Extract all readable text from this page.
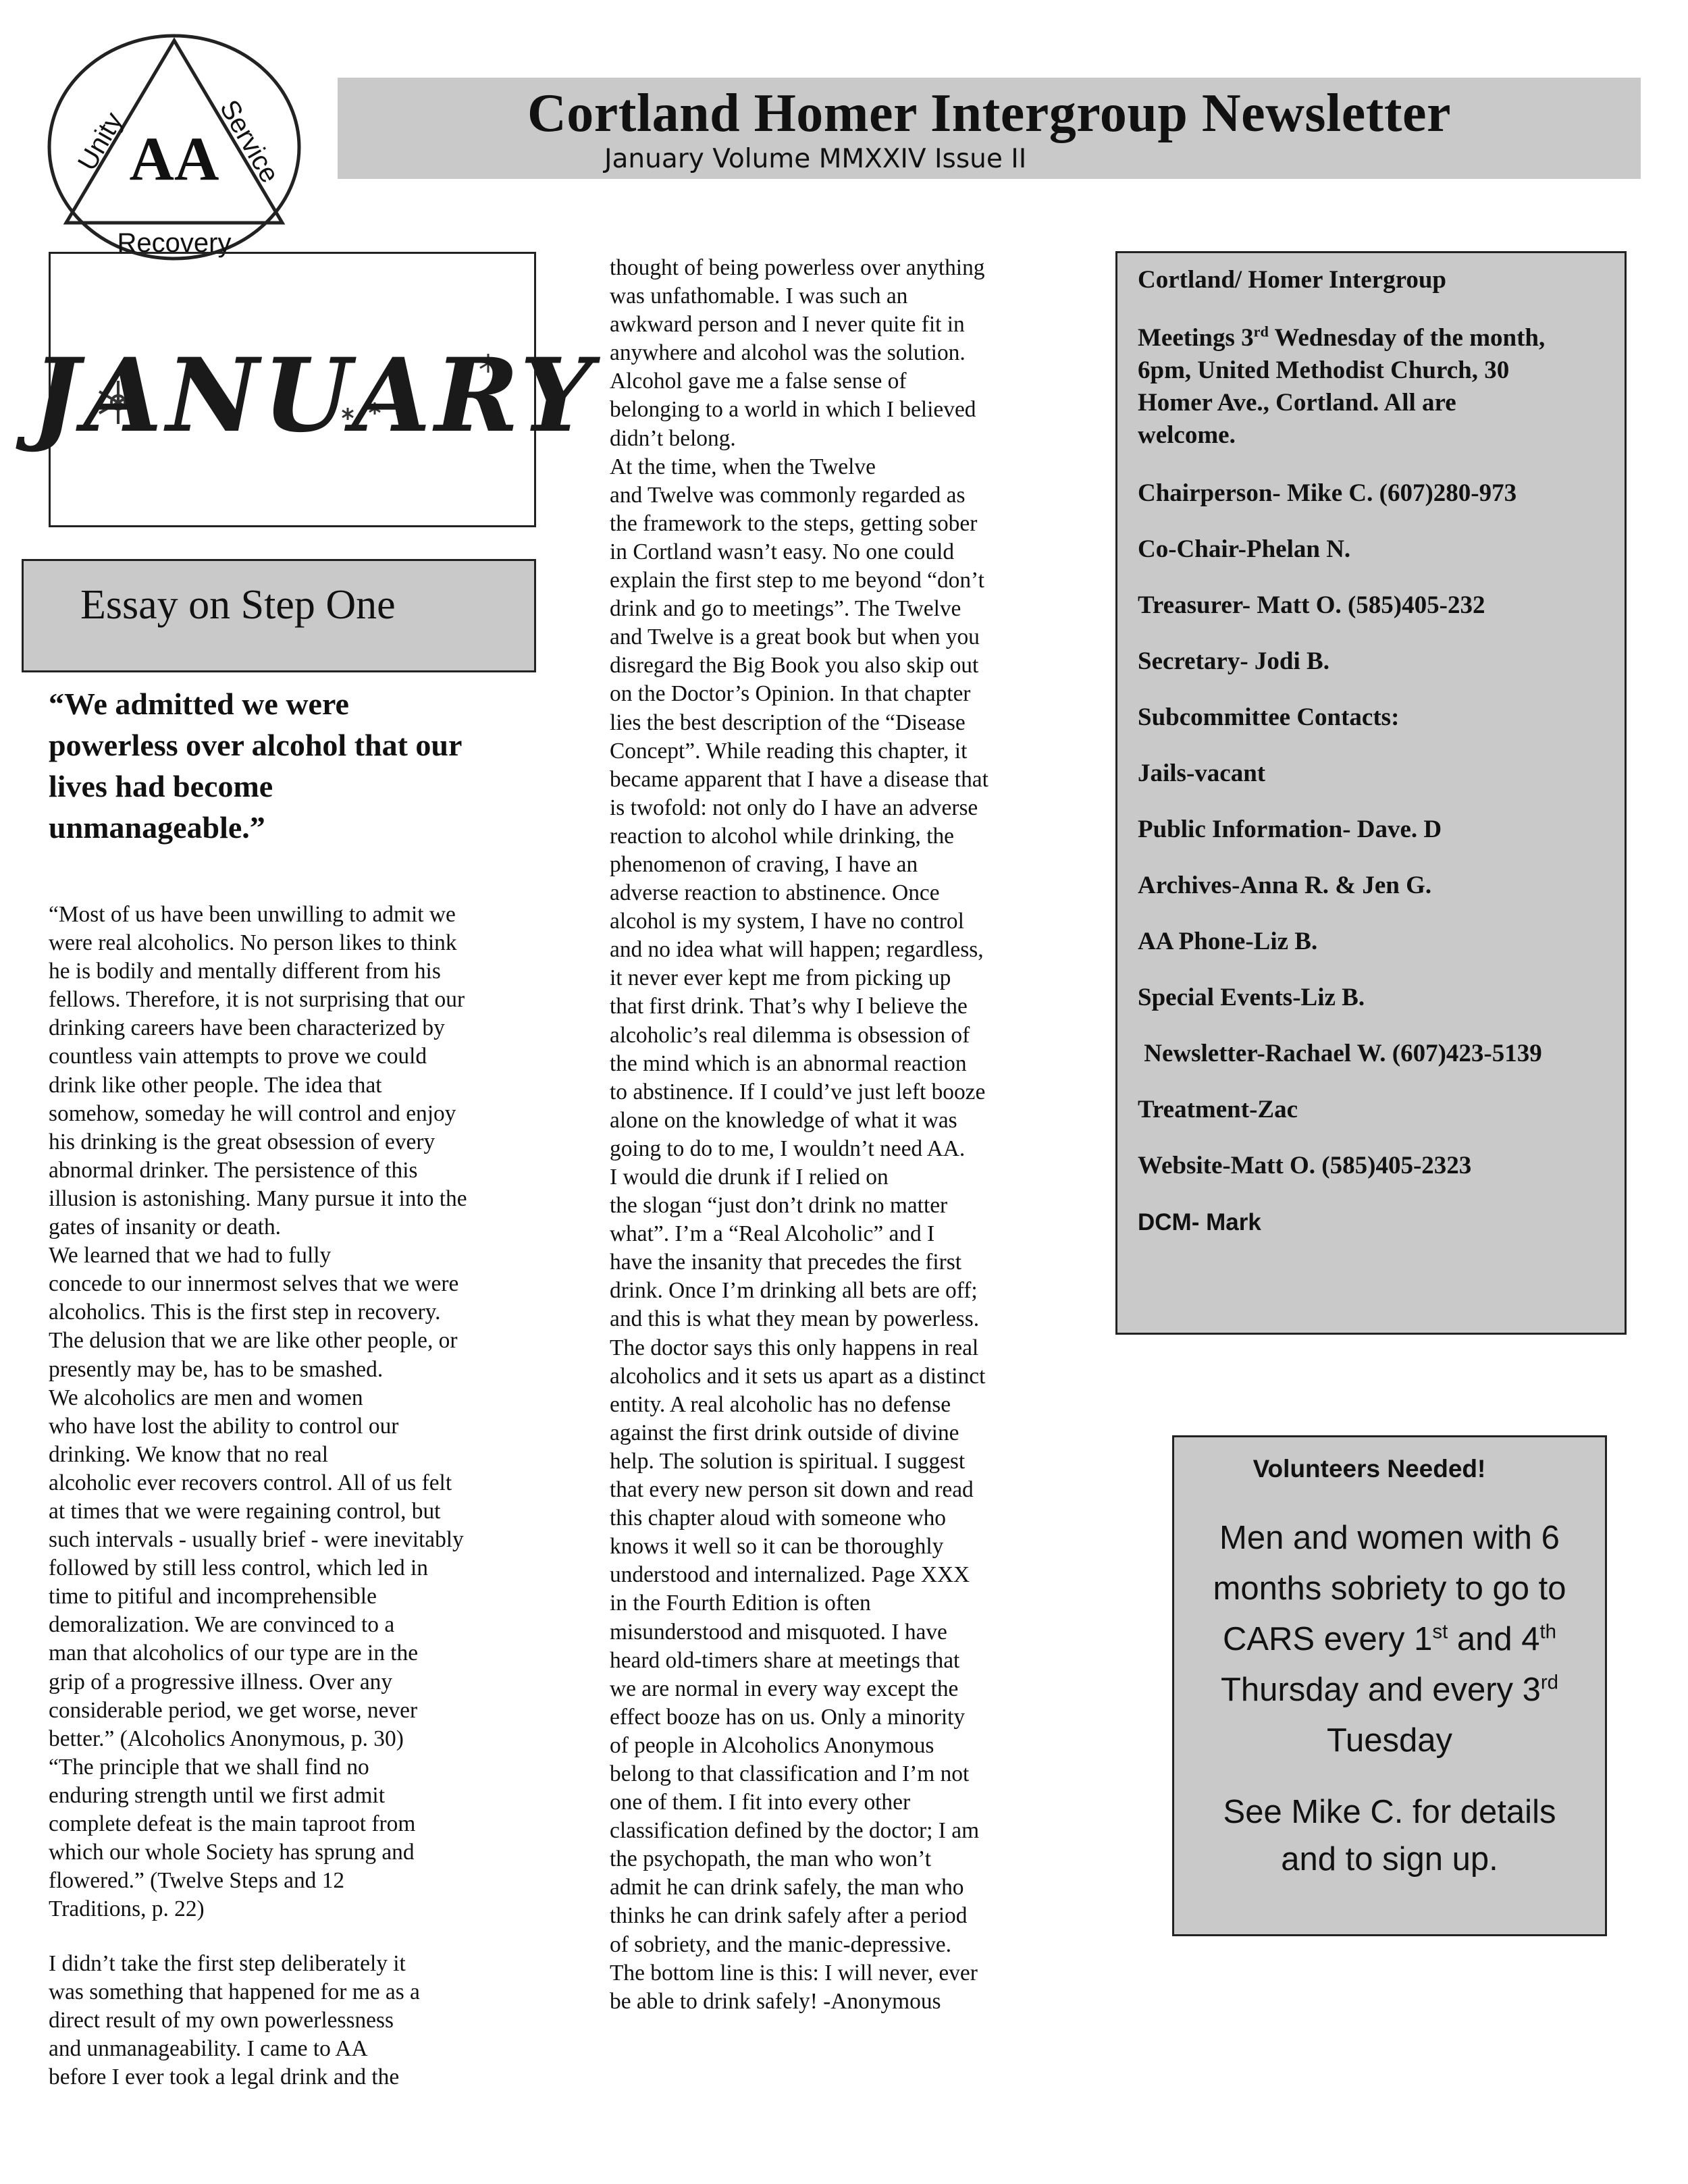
AA
Unity	Service
Recovery
Cortland Homer Intergroup Newsletter
January Volume MMXXIV Issue II
JANUARY
Essay on Step One
“We admitted we were
powerless over alcohol that our
lives had become
unmanageable.”
“Most of us have been unwilling to admit we
were real alcoholics. No person likes to think
he is bodily and mentally different from his
fellows. Therefore, it is not surprising that our
drinking careers have been characterized by
countless vain attempts to prove we could
drink like other people. The idea that
somehow, someday he will control and enjoy
his drinking is the great obsession of every
abnormal drinker. The persistence of this
illusion is astonishing. Many pursue it into the
gates of insanity or death.
We learned that we had to fully
concede to our innermost selves that we were
alcoholics. This is the first step in recovery.
The delusion that we are like other people, or
presently may be, has to be smashed.
We alcoholics are men and women
who have lost the ability to control our
drinking. We know that no real
alcoholic ever recovers control. All of us felt
at times that we were regaining control, but
such intervals - usually brief - were inevitably
followed by still less control, which led in
time to pitiful and incomprehensible
demoralization. We are convinced to a
man that alcoholics of our type are in the
grip of a progressive illness. Over any
considerable period, we get worse, never
better.” (Alcoholics Anonymous, p. 30)
“The principle that we shall find no
enduring strength until we first admit
complete defeat is the main taproot from
which our whole Society has sprung and
flowered.” (Twelve Steps and 12
Traditions, p. 22)
I didn’t take the first step deliberately it
was something that happened for me as a
direct result of my own powerlessness
and unmanageability. I came to AA
before I ever took a legal drink and the
thought of being powerless over anything
was unfathomable. I was such an
awkward person and I never quite fit in
anywhere and alcohol was the solution.
Alcohol gave me a false sense of
belonging to a world in which I believed
didn’t belong.
At the time, when the Twelve
and Twelve was commonly regarded as
the framework to the steps, getting sober
in Cortland wasn’t easy. No one could
explain the first step to me beyond “don’t
drink and go to meetings”. The Twelve
and Twelve is a great book but when you
disregard the Big Book you also skip out
on the Doctor’s Opinion. In that chapter
lies the best description of the “Disease
Concept”. While reading this chapter, it
became apparent that I have a disease that
is twofold: not only do I have an adverse
reaction to alcohol while drinking, the
phenomenon of craving, I have an
adverse reaction to abstinence. Once
alcohol is my system, I have no control
and no idea what will happen; regardless,
it never ever kept me from picking up
that first drink. That’s why I believe the
alcoholic’s real dilemma is obsession of
the mind which is an abnormal reaction
to abstinence. If I could’ve just left booze
alone on the knowledge of what it was
going to do to me, I wouldn’t need AA.
I would die drunk if I relied on
the slogan “just don’t drink no matter
what”. I’m a “Real Alcoholic” and I
have the insanity that precedes the first
drink. Once I’m drinking all bets are off;
and this is what they mean by powerless.
The doctor says this only happens in real
alcoholics and it sets us apart as a distinct
entity. A real alcoholic has no defense
against the first drink outside of divine
help. The solution is spiritual. I suggest
that every new person sit down and read
this chapter aloud with someone who
knows it well so it can be thoroughly
understood and internalized. Page XXX
in the Fourth Edition is often
misunderstood and misquoted. I have
heard old-timers share at meetings that
we are normal in every way except the
effect booze has on us. Only a minority
of people in Alcoholics Anonymous
belong to that classification and I’m not
one of them. I fit into every other
classification defined by the doctor; I am
the psychopath, the man who won’t
admit he can drink safely, the man who
thinks he can drink safely after a period
of sobriety, and the manic-depressive.
The bottom line is this: I will never, ever
be able to drink safely! -Anonymous
Cortland/ Homer Intergroup
Meetings 3rd Wednesday of the month,
6pm, United Methodist Church, 30
Homer Ave., Cortland. All are
welcome.
Chairperson- Mike C. (607)280-973
Co-Chair-Phelan N.
Treasurer- Matt O. (585)405-232
Secretary- Jodi B.
Subcommittee Contacts:
Jails-vacant
Public Information- Dave. D
Archives-Anna R. & Jen G.
AA Phone-Liz B.
Special Events-Liz B.
Newsletter-Rachael W. (607)423-5139
Treatment-Zac
Website-Matt O. (585)405-2323
DCM- Mark
Volunteers Needed!
Men and women with 6
months sobriety to go to
CARS every 1st and 4th
Thursday and every 3rd
Tuesday
See Mike C. for details
and to sign up.
